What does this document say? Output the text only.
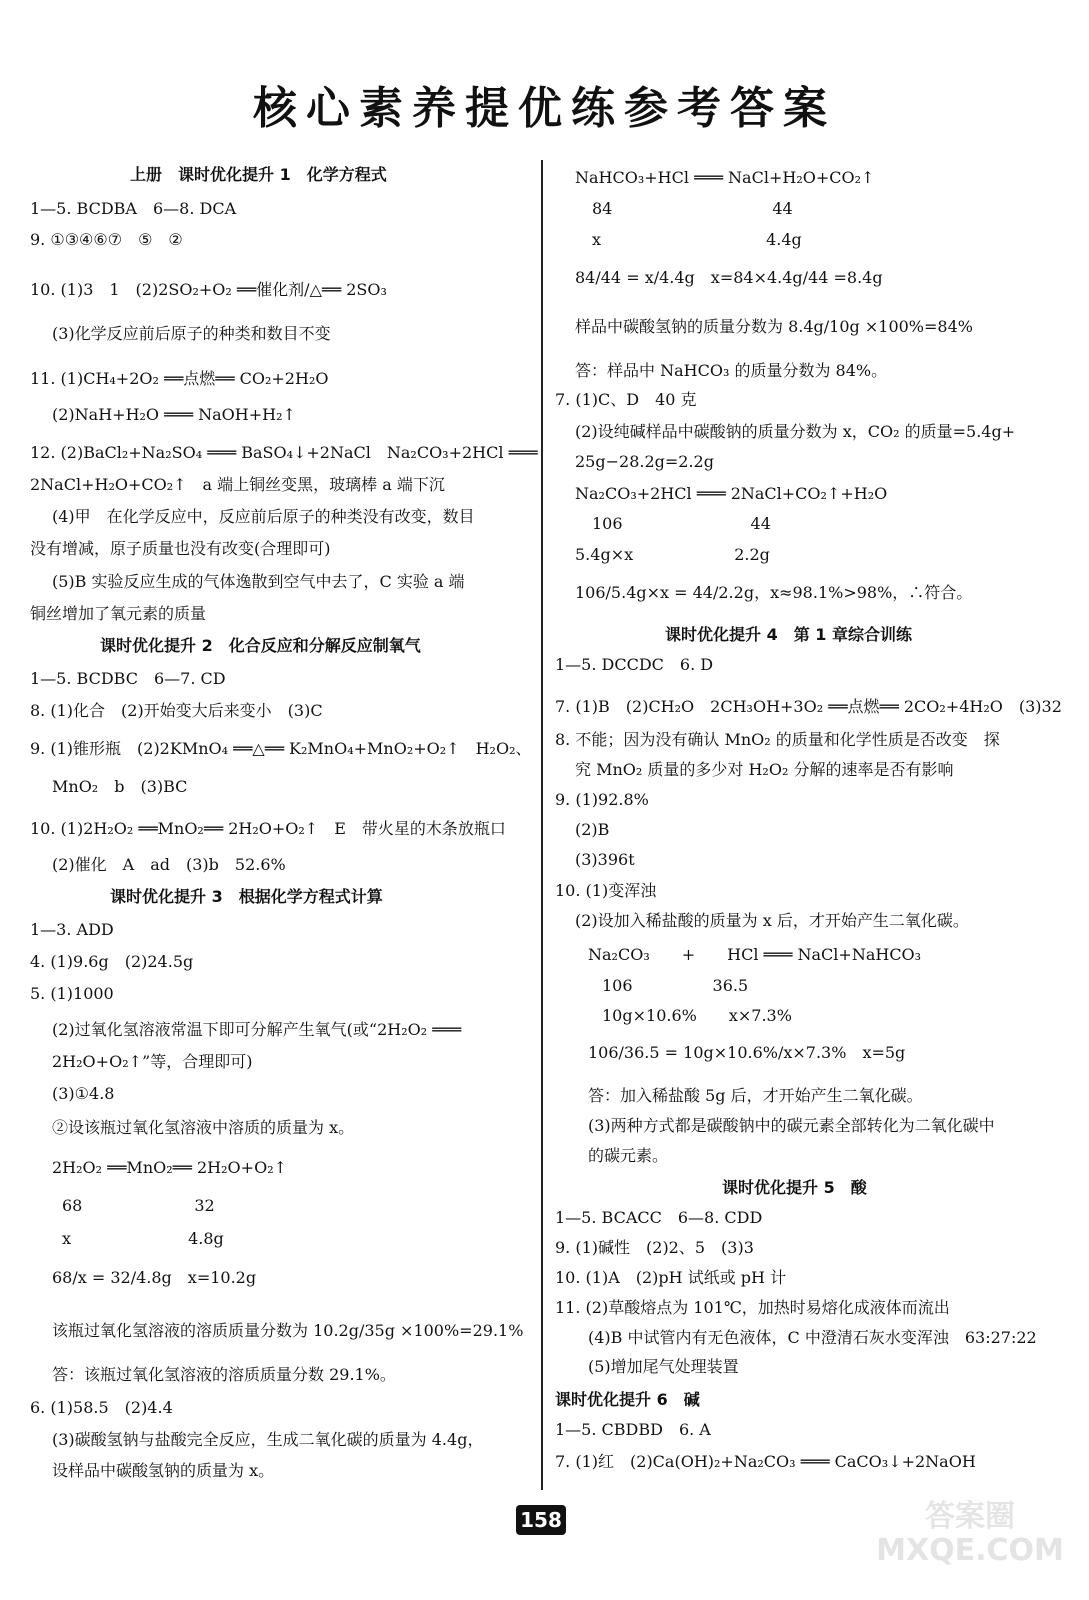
核心素养提优练参考答案
上册　课时优化提升 1　化学方程式
1—5. BCDBA　6—8. DCA
9. ①③④⑥⑦　⑤　②
10. (1)3　1　(2)2SO₂+O₂ ══催化剂/△══ 2SO₃
(3)化学反应前后原子的种类和数目不变
11. (1)CH₄+2O₂ ══点燃══ CO₂+2H₂O
(2)NaH+H₂O ═══ NaOH+H₂↑
12. (2)BaCl₂+Na₂SO₄ ═══ BaSO₄↓+2NaCl　Na₂CO₃+2HCl ═══
2NaCl+H₂O+CO₂↑　a 端上铜丝变黑，玻璃棒 a 端下沉
(4)甲　在化学反应中，反应前后原子的种类没有改变，数目
没有增减，原子质量也没有改变(合理即可)
(5)B 实验反应生成的气体逸散到空气中去了，C 实验 a 端
铜丝增加了氧元素的质量
课时优化提升 2　化合反应和分解反应制氧气
1—5. BCDBC　6—7. CD
8. (1)化合　(2)开始变大后来变小　(3)C
9. (1)锥形瓶　(2)2KMnO₄ ══△══ K₂MnO₄+MnO₂+O₂↑　H₂O₂、
MnO₂　b　(3)BC
10. (1)2H₂O₂ ══MnO₂══ 2H₂O+O₂↑　E　带火星的木条放瓶口
(2)催化　A　ad　(3)b　52.6%
课时优化提升 3　根据化学方程式计算
1—3. ADD
4. (1)9.6g　(2)24.5g
5. (1)1000
(2)过氧化氢溶液常温下即可分解产生氧气(或“2H₂O₂ ═══
2H₂O+O₂↑”等，合理即可)
(3)①4.8
②设该瓶过氧化氢溶液中溶质的质量为 x。
2H₂O₂ ══MnO₂══ 2H₂O+O₂↑
68　　　　　　　32
x　　　　　　　 4.8g
68/x = 32/4.8g　x=10.2g
该瓶过氧化氢溶液的溶质质量分数为 10.2g/35g ×100%=29.1%
答：该瓶过氧化氢溶液的溶质质量分数 29.1%。
6. (1)58.5　(2)4.4
(3)碳酸氢钠与盐酸完全反应，生成二氧化碳的质量为 4.4g，
设样品中碳酸氢钠的质量为 x。
NaHCO₃+HCl ═══ NaCl+H₂O+CO₂↑
84　　　　　　　　　　44
x　　　　　　　　　　 4.4g
84/44 = x/4.4g　x=84×4.4g/44 =8.4g
样品中碳酸氢钠的质量分数为 8.4g/10g ×100%=84%
答：样品中 NaHCO₃ 的质量分数为 84%。
7. (1)C、D　40 克
(2)设纯碱样品中碳酸钠的质量分数为 x，CO₂ 的质量=5.4g+
25g−28.2g=2.2g
Na₂CO₃+2HCl ═══ 2NaCl+CO₂↑+H₂O
106　　　　　　　　44
5.4g×x　　　　　　 2.2g
106/5.4g×x = 44/2.2g，x≈98.1%>98%，∴符合。
课时优化提升 4　第 1 章综合训练
1—5. DCCDC　6. D
7. (1)B　(2)CH₂O　2CH₃OH+3O₂ ══点燃══ 2CO₂+4H₂O　(3)32
8. 不能；因为没有确认 MnO₂ 的质量和化学性质是否改变　探
究 MnO₂ 质量的多少对 H₂O₂ 分解的速率是否有影响
9. (1)92.8%
(2)B
(3)396t
10. (1)变浑浊
(2)设加入稀盐酸的质量为 x 后，才开始产生二氧化碳。
Na₂CO₃　　+　　HCl ═══ NaCl+NaHCO₃
106　　　　　36.5
10g×10.6%　　x×7.3%
106/36.5 = 10g×10.6%/x×7.3%　x=5g
答：加入稀盐酸 5g 后，才开始产生二氧化碳。
(3)两种方式都是碳酸钠中的碳元素全部转化为二氧化碳中
的碳元素。
课时优化提升 5　酸
1—5. BCACC　6—8. CDD
9. (1)碱性　(2)2、5　(3)3
10. (1)A　(2)pH 试纸或 pH 计
11. (2)草酸熔点为 101℃，加热时易熔化成液体而流出
(4)B 中试管内有无色液体，C 中澄清石灰水变浑浊　63:27:22
(5)增加尾气处理装置
课时优化提升 6　碱
1—5. CBDBD　6. A
7. (1)红　(2)Ca(OH)₂+Na₂CO₃ ═══ CaCO₃↓+2NaOH
158	答案圈
MXQE.COM
